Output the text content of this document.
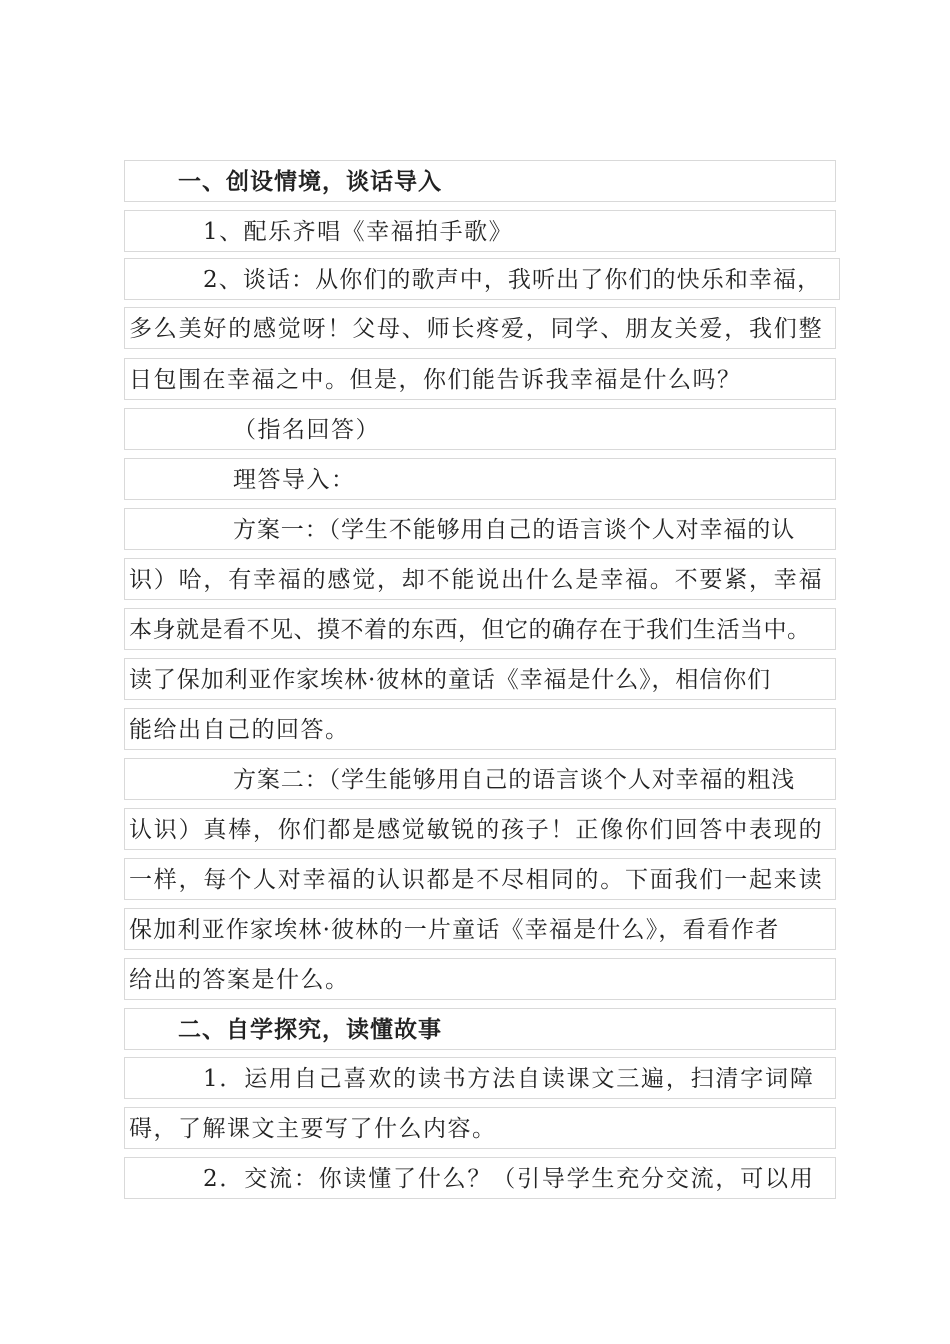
一、创设情境，谈话导入
1、配乐齐唱《幸福拍手歌》
2、谈话：从你们的歌声中，我听出了你们的快乐和幸福，
多么美好的感觉呀！父母、师长疼爱，同学、朋友关爱，我们整
日包围在幸福之中。但是，你们能告诉我幸福是什么吗？
（指名回答）
理答导入：
方案一：（学生不能够用自己的语言谈个人对幸福的认
识）哈，有幸福的感觉，却不能说出什么是幸福。不要紧，幸福
本身就是看不见、摸不着的东西，但它的确存在于我们生活当中。
读了保加利亚作家埃林·彼林的童话《幸福是什么》，相信你们
能给出自己的回答。
方案二：（学生能够用自己的语言谈个人对幸福的粗浅
认识）真棒，你们都是感觉敏锐的孩子！正像你们回答中表现的
一样，每个人对幸福的认识都是不尽相同的。下面我们一起来读
保加利亚作家埃林·彼林的一片童话《幸福是什么》，看看作者
给出的答案是什么。
二、自学探究，读懂故事
1．运用自己喜欢的读书方法自读课文三遍，扫清字词障
碍，了解课文主要写了什么内容。
2．交流：你读懂了什么？（引导学生充分交流，可以用
